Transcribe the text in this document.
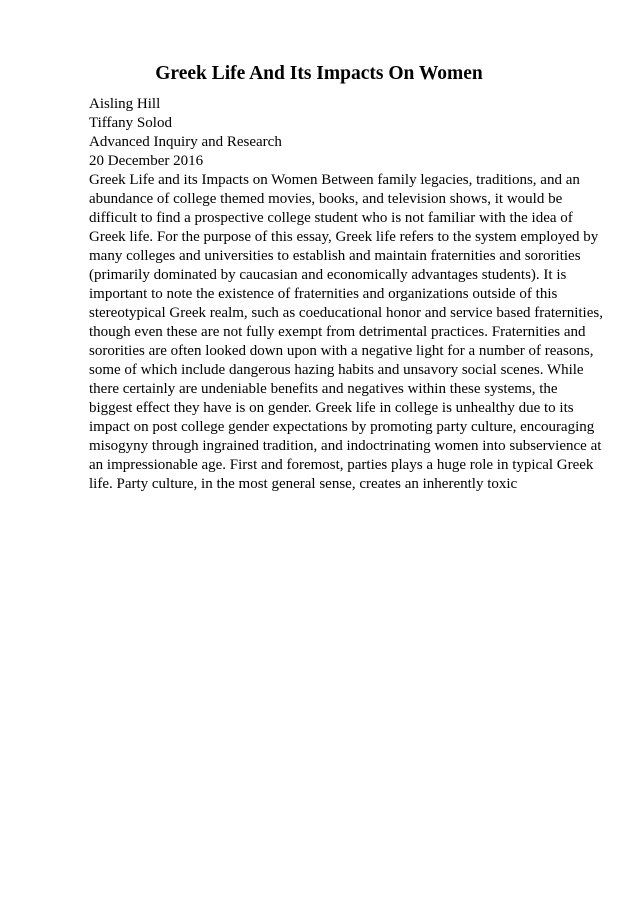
Greek Life And Its Impacts On Women
Aisling Hill
Tiffany Solod
Advanced Inquiry and Research
20 December 2016
Greek Life and its Impacts on Women Between family legacies, traditions, and an
abundance of college themed movies, books, and television shows, it would be
difficult to find a prospective college student who is not familiar with the idea of
Greek life. For the purpose of this essay, Greek life refers to the system employed by
many colleges and universities to establish and maintain fraternities and sororities
(primarily dominated by caucasian and economically advantages students). It is
important to note the existence of fraternities and organizations outside of this
stereotypical Greek realm, such as coeducational honor and service based fraternities,
though even these are not fully exempt from detrimental practices. Fraternities and
sororities are often looked down upon with a negative light for a number of reasons,
some of which include dangerous hazing habits and unsavory social scenes. While
there certainly are undeniable benefits and negatives within these systems, the
biggest effect they have is on gender. Greek life in college is unhealthy due to its
impact on post college gender expectations by promoting party culture, encouraging
misogyny through ingrained tradition, and indoctrinating women into subservience at
an impressionable age. First and foremost, parties plays a huge role in typical Greek
life. Party culture, in the most general sense, creates an inherently toxic
